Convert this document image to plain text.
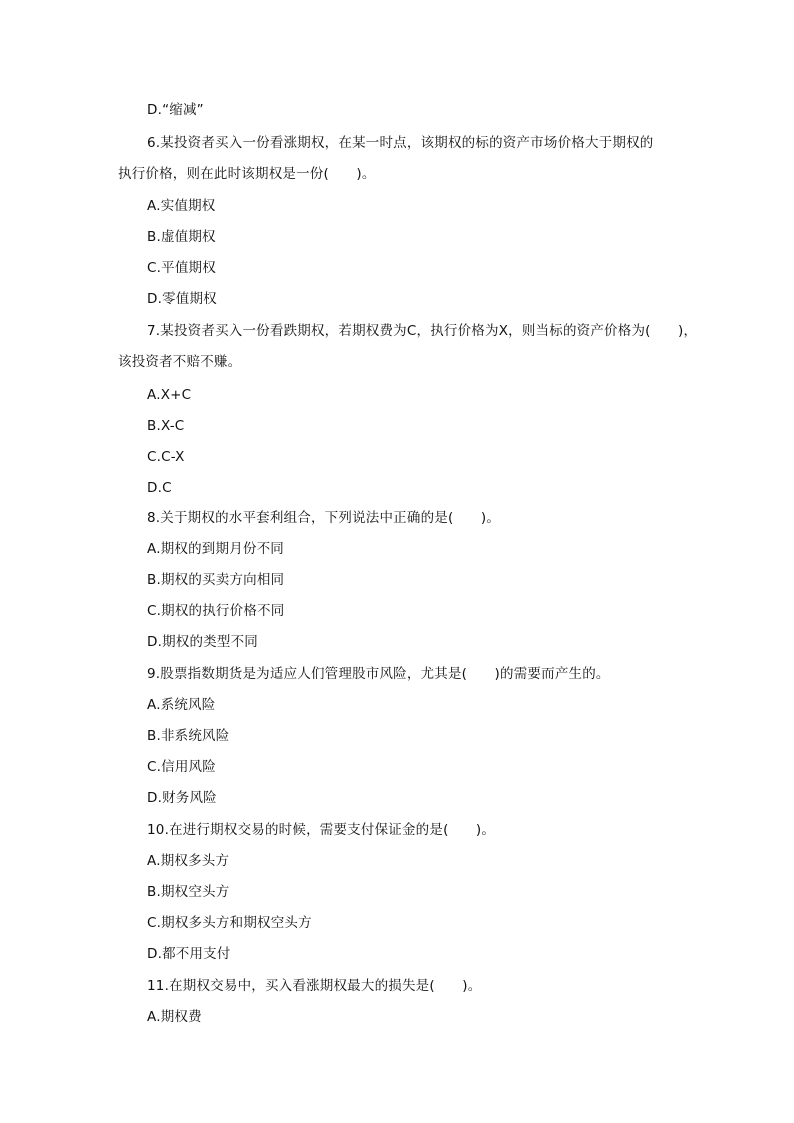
D.“缩减”
6.某投资者买入一份看涨期权，在某一时点，该期权的标的资产市场价格大于期权的
执行价格，则在此时该期权是一份(　　)。
A.实值期权
B.虚值期权
C.平值期权
D.零值期权
7.某投资者买入一份看跌期权，若期权费为C，执行价格为X，则当标的资产价格为(　　)，
该投资者不赔不赚。
A.X+C
B.X-C
C.C-X
D.C
8.关于期权的水平套利组合，下列说法中正确的是(　　)。
A.期权的到期月份不同
B.期权的买卖方向相同
C.期权的执行价格不同
D.期权的类型不同
9.股票指数期货是为适应人们管理股市风险，尤其是(　　)的需要而产生的。
A.系统风险
B.非系统风险
C.信用风险
D.财务风险
10.在进行期权交易的时候，需要支付保证金的是(　　)。
A.期权多头方
B.期权空头方
C.期权多头方和期权空头方
D.都不用支付
11.在期权交易中，买入看涨期权最大的损失是(　　)。
A.期权费
